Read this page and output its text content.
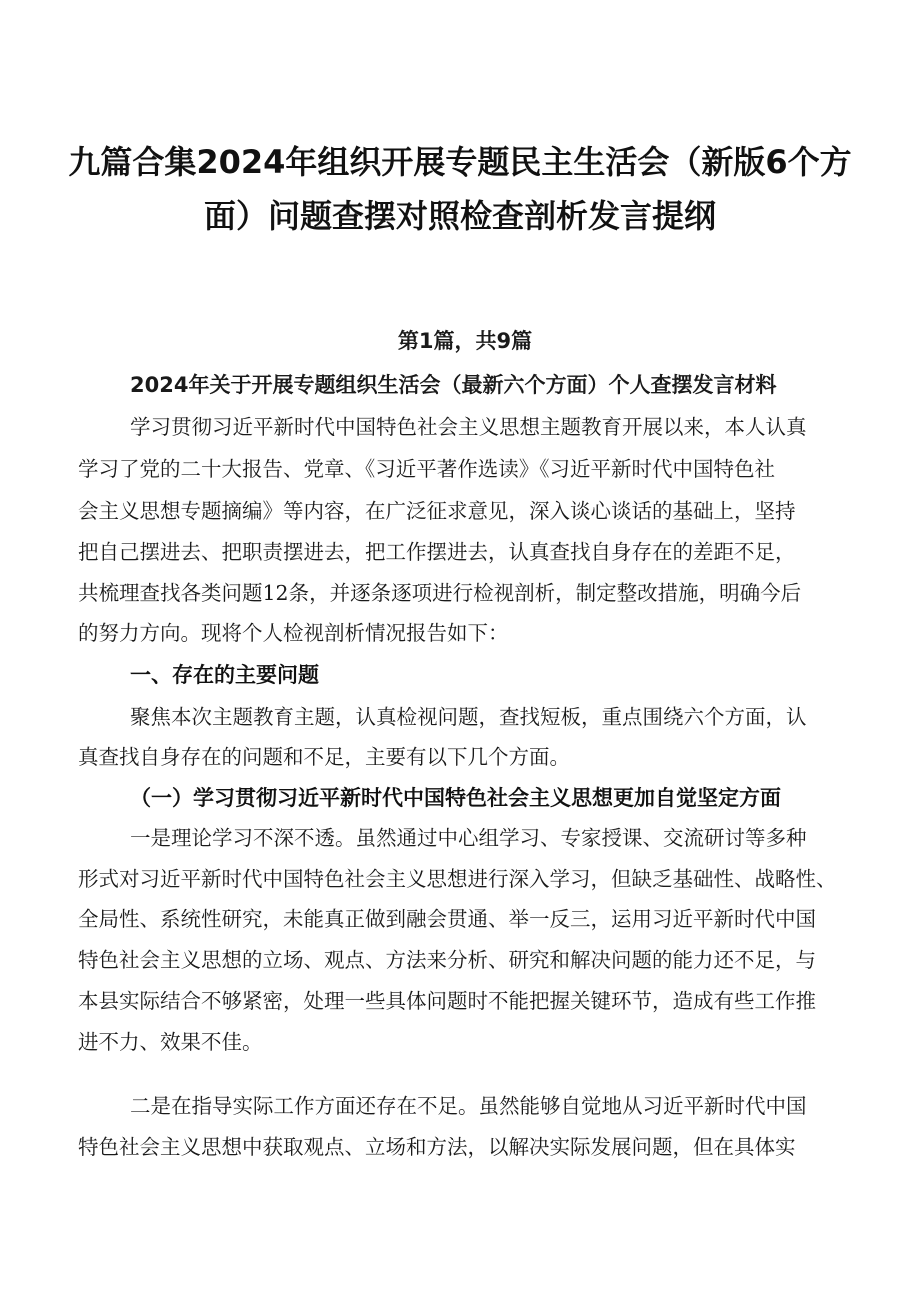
九篇合集2024年组织开展专题民主生活会（新版6个方
面）问题查摆对照检查剖析发言提纲
第1篇，共9篇
2024年关于开展专题组织生活会（最新六个方面）个人查摆发言材料
学习贯彻习近平新时代中国特色社会主义思想主题教育开展以来，本人认真
学习了党的二十大报告、党章、《习近平著作选读》《习近平新时代中国特色社
会主义思想专题摘编》等内容，在广泛征求意见，深入谈心谈话的基础上，坚持
把自己摆进去、把职责摆进去，把工作摆进去，认真查找自身存在的差距不足，
共梳理查找各类问题12条，并逐条逐项进行检视剖析，制定整改措施，明确今后
的努力方向。现将个人检视剖析情况报告如下：
一、存在的主要问题
聚焦本次主题教育主题，认真检视问题，查找短板，重点围绕六个方面，认
真查找自身存在的问题和不足，主要有以下几个方面。
（一）学习贯彻习近平新时代中国特色社会主义思想更加自觉坚定方面
一是理论学习不深不透。虽然通过中心组学习、专家授课、交流研讨等多种
形式对习近平新时代中国特色社会主义思想进行深入学习，但缺乏基础性、战略性、
全局性、系统性研究，未能真正做到融会贯通、举一反三，运用习近平新时代中国
特色社会主义思想的立场、观点、方法来分析、研究和解决问题的能力还不足，与
本县实际结合不够紧密，处理一些具体问题时不能把握关键环节，造成有些工作推
进不力、效果不佳。
二是在指导实际工作方面还存在不足。虽然能够自觉地从习近平新时代中国
特色社会主义思想中获取观点、立场和方法，以解决实际发展问题，但在具体实
